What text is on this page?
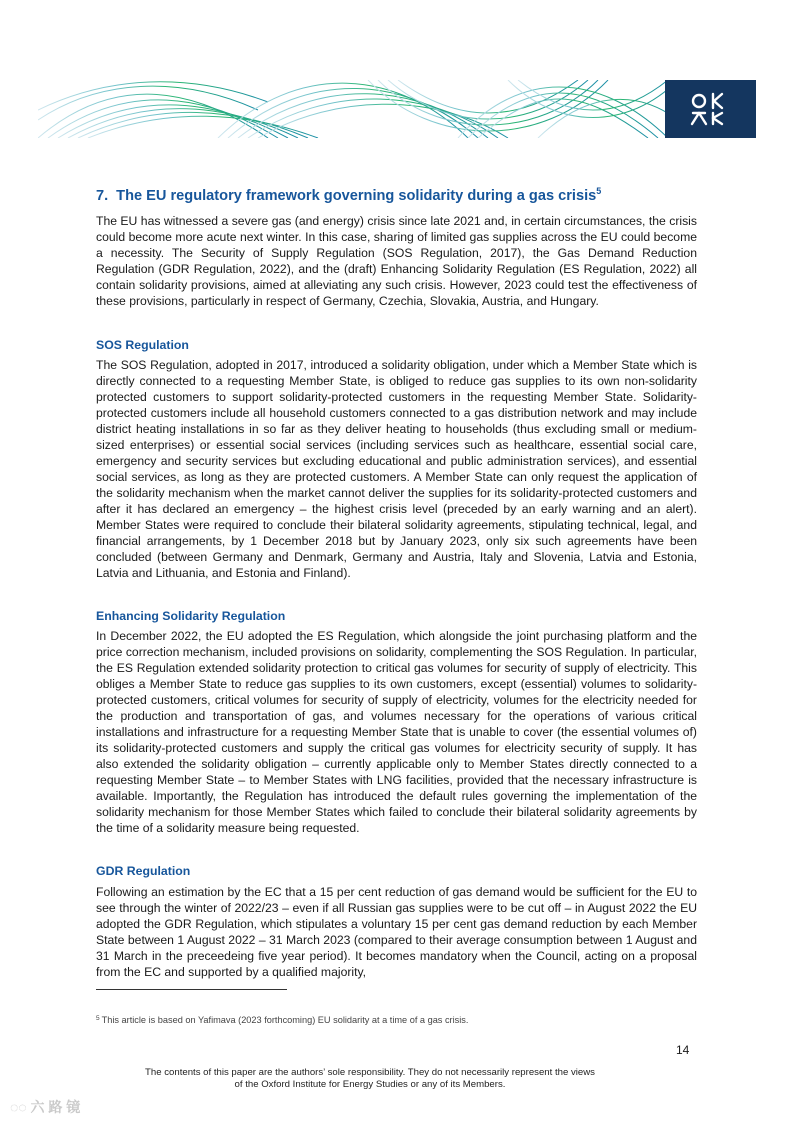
7. The EU regulatory framework governing solidarity during a gas crisis$^5$

The EU has witnessed a severe gas (and energy) crisis since late 2021 and, in certain circumstances, the crisis could become more acute next winter. In this case, sharing of limited gas supplies across the EU could become a necessity. The Security of Supply Regulation (SOS Regulation, 2017), the Gas Demand Reduction Regulation (GDR Regulation, 2022), and the (draft) Enhancing Solidarity Regulation (ES Regulation, 2022) all contain solidarity provisions, aimed at alleviating any such crisis. However, 2023 could test the effectiveness of these provisions, particularly in respect of Germany, Czechia, Slovakia, Austria, and Hungary.

SOS Regulation

The SOS Regulation, adopted in 2017, introduced a solidarity obligation, under which a Member State which is directly connected to a requesting Member State, is obliged to reduce gas supplies to its own non-solidarity protected customers to support solidarity-protected customers in the requesting Member State. Solidarity-protected customers include all household customers connected to a gas distribution network and may include district heating installations in so far as they deliver heating to households (thus excluding small or medium-sized enterprises) or essential social services (including services such as healthcare, essential social care, emergency and security services but excluding educational and public administration services), and essential social services, as long as they are protected customers. A Member State can only request the application of the solidarity mechanism when the market cannot deliver the supplies for its solidarity-protected customers and after it has declared an emergency – the highest crisis level (preceded by an early warning and an alert). Member States were required to conclude their bilateral solidarity agreements, stipulating technical, legal, and financial arrangements, by 1 December 2018 but by January 2023, only six such agreements have been concluded (between Germany and Denmark, Germany and Austria, Italy and Slovenia, Latvia and Estonia, Latvia and Lithuania, and Estonia and Finland).

Enhancing Solidarity Regulation

In December 2022, the EU adopted the ES Regulation, which alongside the joint purchasing platform and the price correction mechanism, included provisions on solidarity, complementing the SOS Regulation. In particular, the ES Regulation extended solidarity protection to critical gas volumes for security of supply of electricity. This obliges a Member State to reduce gas supplies to its own customers, except (essential) volumes to solidarity-protected customers, critical volumes for security of supply of electricity, volumes for the electricity needed for the production and transportation of gas, and volumes necessary for the operations of various critical installations and infrastructure for a requesting Member State that is unable to cover (the essential volumes of) its solidarity-protected customers and supply the critical gas volumes for electricity security of supply. It has also extended the solidarity obligation – currently applicable only to Member States directly connected to a requesting Member State – to Member States with LNG facilities, provided that the necessary infrastructure is available. Importantly, the Regulation has introduced the default rules governing the implementation of the solidarity mechanism for those Member States which failed to conclude their bilateral solidarity agreements by the time of a solidarity measure being requested.

GDR Regulation

Following an estimation by the EC that a 15 per cent reduction of gas demand would be sufficient for the EU to see through the winter of 2022/23 – even if all Russian gas supplies were to be cut off – in August 2022 the EU adopted the GDR Regulation, which stipulates a voluntary 15 per cent gas demand reduction by each Member State between 1 August 2022 – 31 March 2023 (compared to their average consumption between 1 August and 31 March in the preceedeing five year period). It becomes mandatory when the Council, acting on a proposal from the EC and supported by a qualified majority,

$^5$ This article is based on Yafimava (2023 forthcoming) EU solidarity at a time of a gas crisis.

14

The contents of this paper are the authors’ sole responsibility. They do not necessarily represent the views
of the Oxford Institute for Energy Studies or any of its Members.

◌◌ 六 路 镜
